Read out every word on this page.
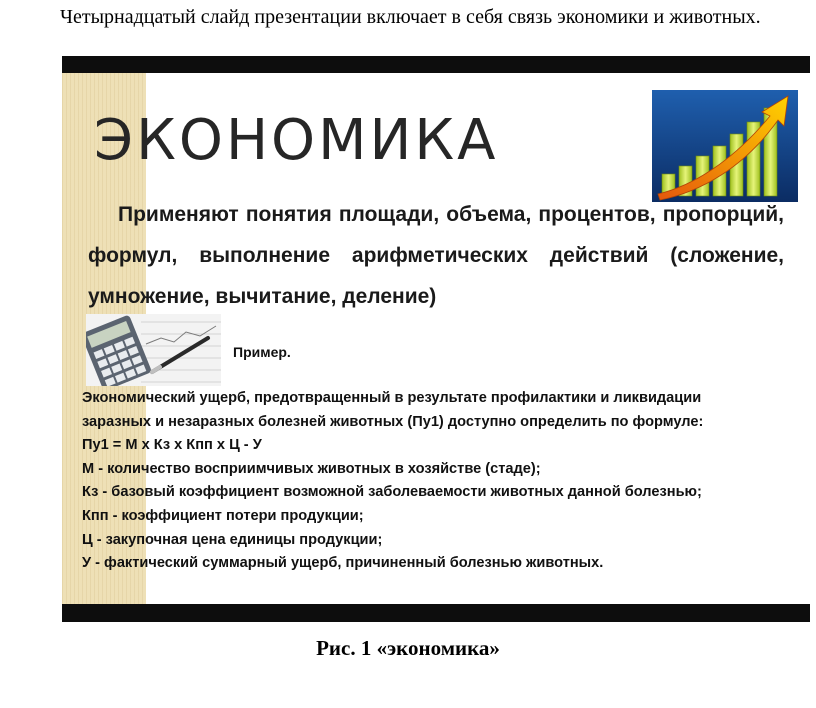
Четырнадцатый слайд презентации включает в себя связь экономики и животных.
ЭКОНОМИКА
Применяют понятия площади, объема, процентов, пропорций, формул, выполнение арифметических действий (сложение, умножение, вычитание, деление)
Пример.
Экономический ущерб, предотвращенный в результате профилактики и ликвидации
заразных и незаразных болезней животных (Пу1) доступно определить по формуле:
Пу1 = М х Кз х Кпп х Ц - У
М - количество восприимчивых животных в хозяйстве (стаде);
Кз - базовый коэффициент возможной заболеваемости животных данной болезнью;
Кпп - коэффициент потери продукции;
Ц - закупочная цена единицы продукции;
У - фактический суммарный ущерб, причиненный болезнью животных.
Рис. 1 «экономика»
